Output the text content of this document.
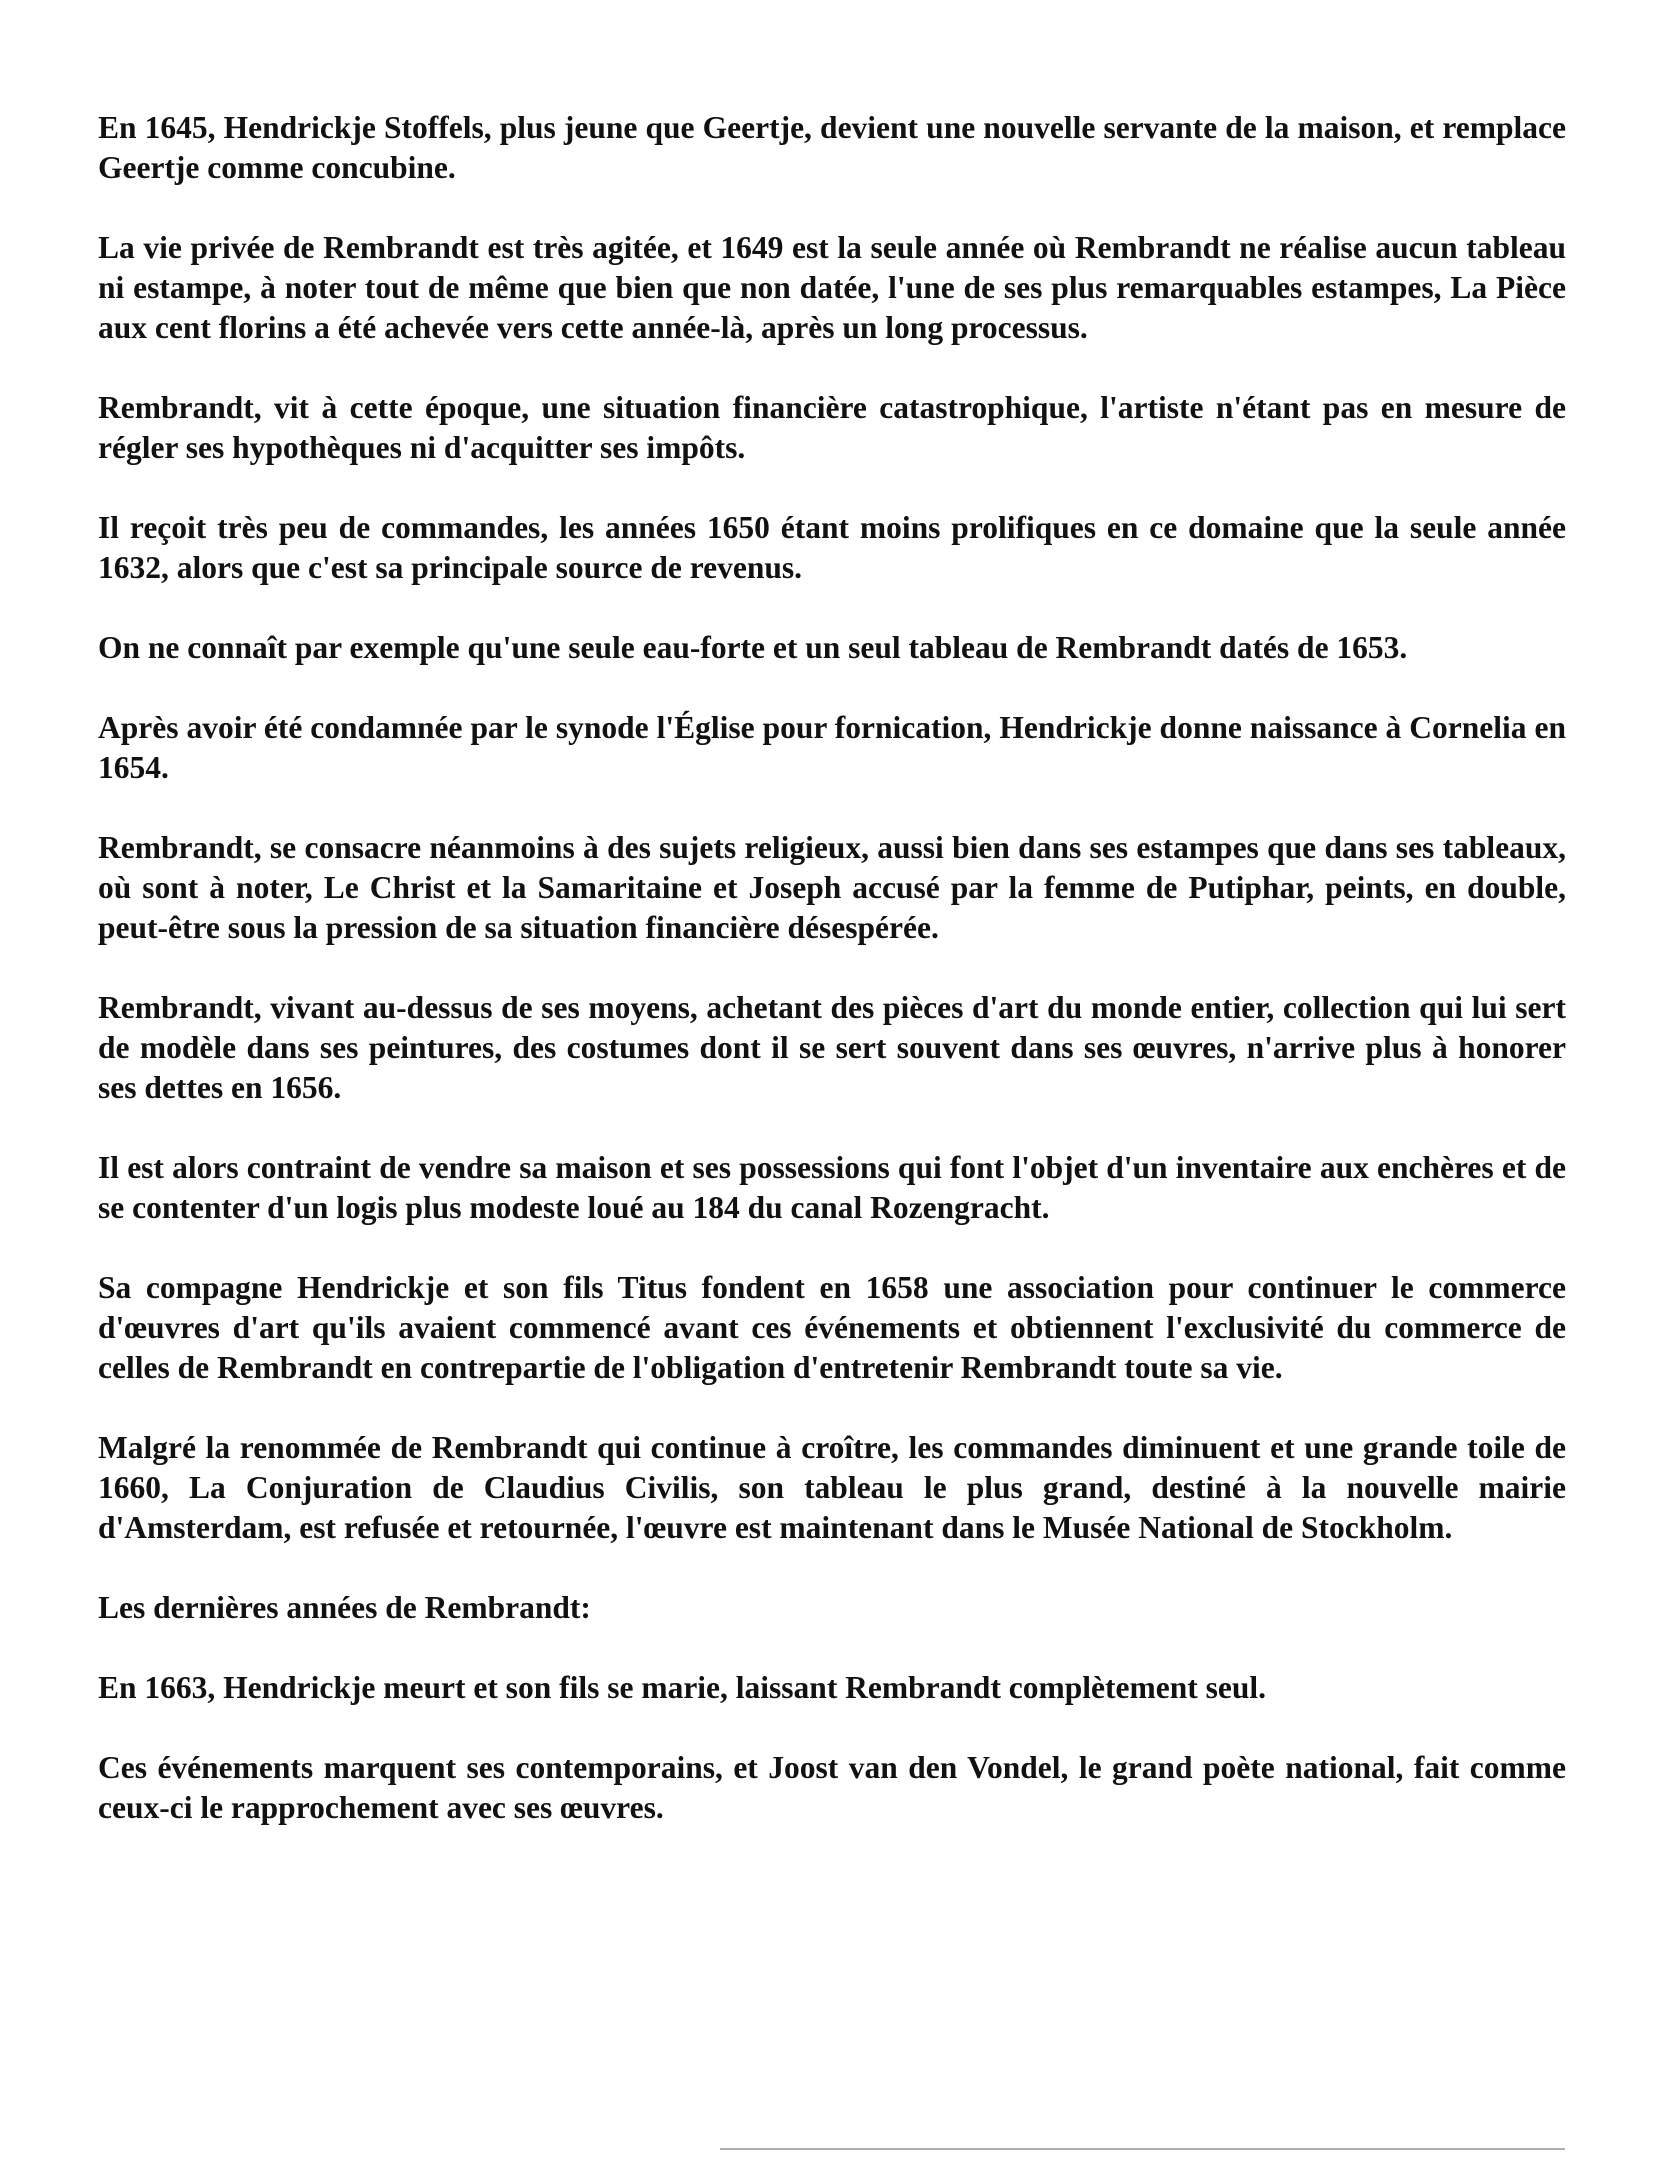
En 1645, Hendrickje Stoffels, plus jeune que Geertje, devient une nouvelle servante de la maison, et remplace Geertje comme concubine.

La vie privée de Rembrandt est très agitée, et 1649 est la seule année où Rembrandt ne réalise aucun tableau ni estampe, à noter tout de même que bien que non datée, l'une de ses plus remarquables estampes, La Pièce aux cent florins a été achevée vers cette année-là, après un long processus.

Rembrandt, vit à cette époque, une situation financière catastrophique, l'artiste n'étant pas en mesure de régler ses hypothèques ni d'acquitter ses impôts.

Il reçoit très peu de commandes, les années 1650 étant moins prolifiques en ce domaine que la seule année 1632, alors que c'est sa principale source de revenus.

On ne connaît par exemple qu'une seule eau-forte et un seul tableau de Rembrandt datés de 1653.

Après avoir été condamnée par le synode l'Église pour fornication, Hendrickje donne naissance à Cornelia en 1654.

Rembrandt, se consacre néanmoins à des sujets religieux, aussi bien dans ses estampes que dans ses tableaux, où sont à noter, Le Christ et la Samaritaine et Joseph accusé par la femme de Putiphar, peints, en double, peut-être sous la pression de sa situation financière désespérée.

Rembrandt, vivant au-dessus de ses moyens, achetant des pièces d'art du monde entier, collection qui lui sert de modèle dans ses peintures, des costumes dont il se sert souvent dans ses œuvres, n'arrive plus à honorer ses dettes en 1656.

Il est alors contraint de vendre sa maison et ses possessions qui font l'objet d'un inventaire aux enchères et de se contenter d'un logis plus modeste loué au 184 du canal Rozengracht.

Sa compagne Hendrickje et son fils Titus fondent en 1658 une association pour continuer le commerce d'œuvres d'art qu'ils avaient commencé avant ces événements et obtiennent l'exclusivité du commerce de celles de Rembrandt en contrepartie de l'obligation d'entretenir Rembrandt toute sa vie.

Malgré la renommée de Rembrandt qui continue à croître, les commandes diminuent et une grande toile de 1660, La Conjuration de Claudius Civilis, son tableau le plus grand, destiné à la nouvelle mairie d'Amsterdam, est refusée et retournée, l'œuvre est maintenant dans le Musée National de Stockholm.

Les dernières années de Rembrandt:

En 1663, Hendrickje meurt et son fils se marie, laissant Rembrandt complètement seul.

Ces événements marquent ses contemporains, et Joost van den Vondel, le grand poète national, fait comme ceux-ci le rapprochement avec ses œuvres.
